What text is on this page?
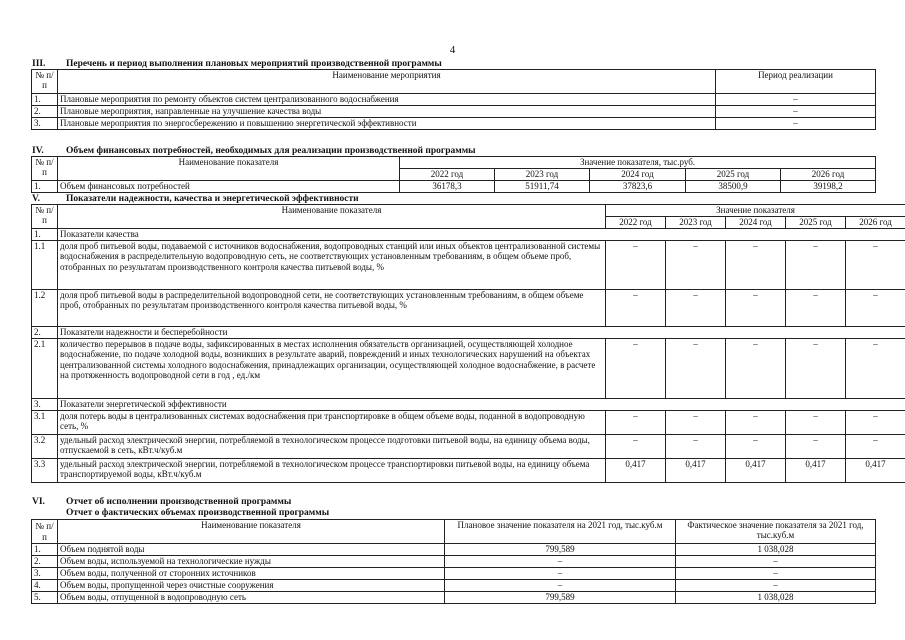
4
III. Перечень и период выполнения плановых мероприятий производственной программы
№ п/п	Наименование мероприятия	Период реализации
1.	Плановые мероприятия по ремонту объектов систем централизованного водоснабжения	–
2.	Плановые мероприятия, направленные на улучшение качества воды	–
3.	Плановые мероприятия по энергосбережению и повышению энергетической эффективности	–
IV. Объем финансовых потребностей, необходимых для реализации производственной программы
№ п/п	Наименование показателя	Значение показателя, тыс.руб.				
		2022 год	2023 год	2024 год	2025 год	2026 год
1.	Объем финансовых потребностей	36178,3	51911,74	37823,6	38500,9	39198,2
V.	Показатели надежности, качества и энергетической эффективности
№ п/п	Наименование показателя	Значение показателя				
		2022 год	2023 год	2024 год	2025 год	2026 год
1.	Показатели качества					
1.1	доля проб питьевой воды, подаваемой с источников водоснабжения, водопроводных станций или иных объектов централизованной системы водоснабжения в распределительную водопроводную сеть, не соответствующих установленным требованиям, в общем объеме проб, отобранных по результатам производственного контроля качества питьевой воды, %	–	–	–	–	–
1.2	доля проб питьевой воды в распределительной водопроводной сети, не соответствующих установленным требованиям, в общем объеме проб, отобранных по результатам производственного контроля качества питьевой воды, %	–	–	–	–	–
2.	Показатели надежности и бесперебойности					
2.1	количество перерывов в подаче воды, зафиксированных в местах исполнения обязательств организацией, осуществляющей холодное водоснабжение, по подаче холодной воды, возникших в результате аварий, повреждений и иных технологических нарушений на объектах централизованной системы холодного водоснабжения, принадлежащих организации, осуществляющей холодное водоснабжение, в расчете на протяженность водопроводной сети в год , ед./км	–	–	–	–	–
3.	Показатели энергетической эффективности					
3.1	доля потерь воды в централизованных системах водоснабжения при транспортировке в общем объеме воды, поданной в водопроводную сеть, %	–	–	–	–	–
3.2	удельный расход электрической энергии, потребляемой в технологическом процессе подготовки питьевой воды, на единицу объема воды, отпускаемой в сеть, кВт.ч/куб.м	–	–	–	–	–
3.3	удельный расход электрической энергии, потребляемой в технологическом процессе транспортировки питьевой воды, на единицу объема транспортируемой воды, кВт.ч/куб.м	0,417	0,417	0,417	0,417	0,417
VI. Отчет об исполнении производственной программы
Отчет о фактических объемах производственной программы
№ п/п	Наименование показателя	Плановое значение показателя на 2021 год, тыс.куб.м	Фактическое значение показателя за 2021 год, тыс.куб.м
1.	Объем поднятой воды	799,589	1 038,028
2.	Объем воды, используемой на технологические нужды	–	–
3.	Объем воды, полученной от сторонних источников	–	–
4.	Объем воды, пропущенной через очистные сооружения	–	–
5.	Объем воды, отпущенной в водопроводную сеть	799,589	1 038,028
